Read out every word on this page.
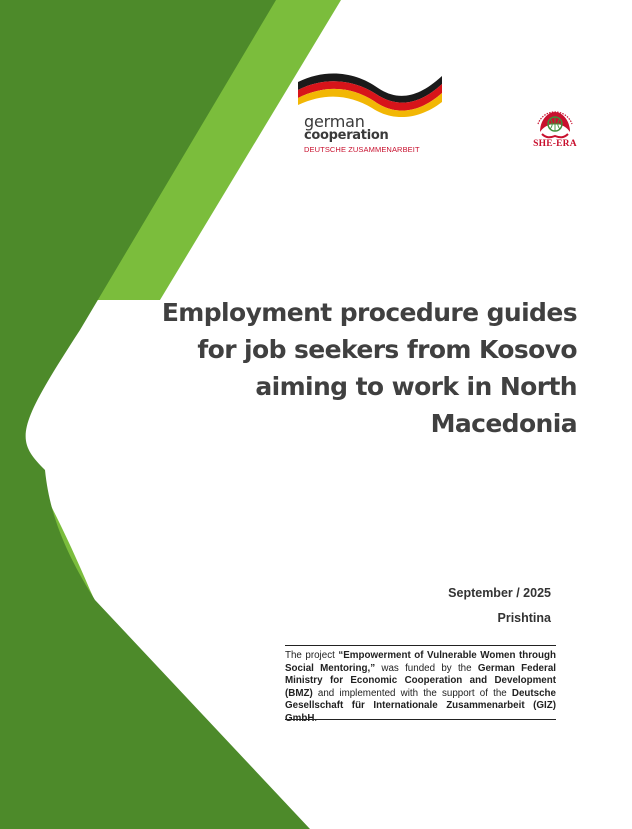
german
cooperation
DEUTSCHE ZUSAMMENARBEIT
SHE-ERA
Employment procedure guides
for job seekers from Kosovo
aiming to work in North
Macedonia
September / 2025
Prishtina

The project “Empowerment of Vulnerable Women through Social Mentoring,” was funded by the German Federal Ministry for Economic Cooperation and Development (BMZ) and implemented with the support of the Deutsche Gesellschaft für Internationale Zusammenarbeit (GIZ)
